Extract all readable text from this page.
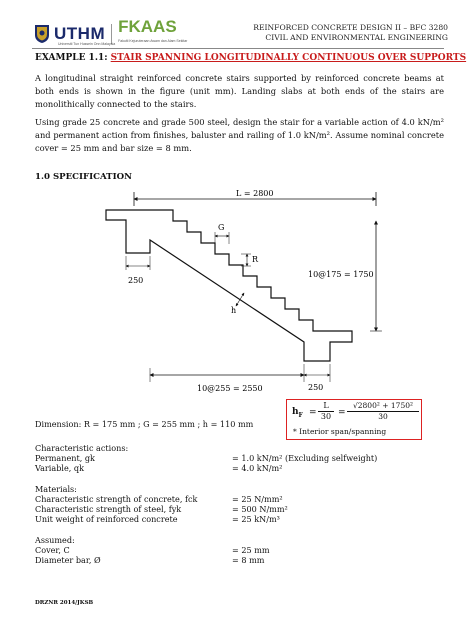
UTHM
Universiti Tun Hussein Onn Malaysia
FKAAS
Fakulti Kejuruteraan Awam dan Alam Sekitar
REINFORCED CONCRETE DESIGN II – BFC 3280
CIVIL AND ENVIRONMENTAL ENGINEERING
EXAMPLE 1.1: STAIR SPANNING LONGITUDINALLY CONTINUOUS OVER SUPPORTS
A longitudinal straight reinforced concrete stairs supported by reinforced concrete beams at both ends is shown in the figure (unit mm). Landing slabs at both ends of the stairs are monolithically connected to the stairs.
Using grade 25 concrete and grade 500 steel, design the stair for a variable action of 4.0 kN/m² and permanent action from finishes, baluster and railing of 1.0 kN/m². Assume nominal concrete cover = 25 mm and bar size = 8 mm.
1.0 SPECIFICATION
L = 2800
G
R
h
250
10@175 = 1750
10@255 = 2550	250
Dimension: R = 175 mm ; G = 255 mm ; h = 110 mm
$h_F = \frac{L}{30} = \frac{\text{√2800² + 1750²}}{30}$
* Interior span/spanning
Characteristic actions:
Permanent, gk	= 1.0 kN/m² (Excluding selfweight)
Variable, qk	= 4.0 kN/m²
Materials:
Characteristic strength of concrete, fck	= 25 N/mm²
Characteristic strength of steel, fyk	= 500 N/mm²
Unit weight of reinforced concrete	= 25 kN/m³
Assumed:
Cover, C	= 25 mm
Diameter bar, Ø	= 8 mm
DRZNR 2014/JKSB
